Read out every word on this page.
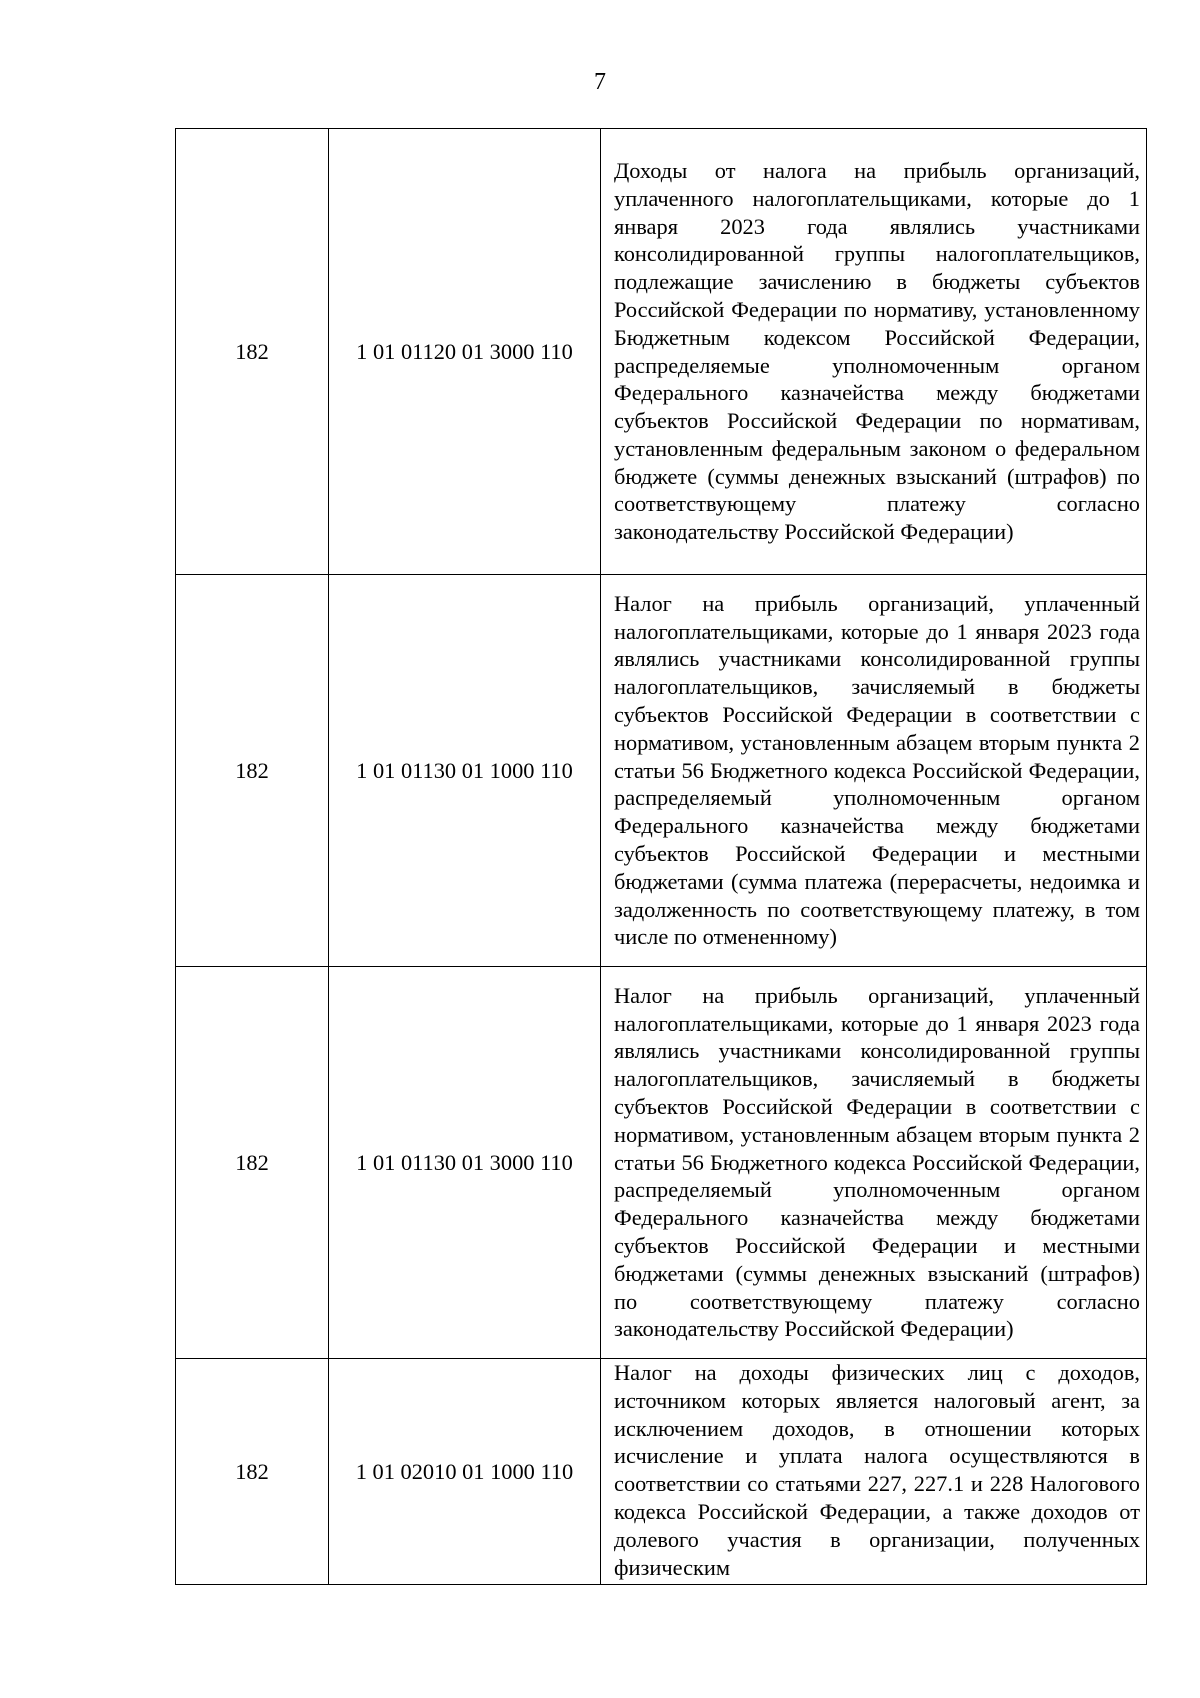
7
182	1 01 01120 01 3000 110	Доходы от налога на прибыль организаций, уплаченного налогоплательщиками, которые до 1 января 2023 года являлись участниками консолидированной группы налогоплательщиков, подлежащие зачислению в бюджеты субъектов Российской Федерации по нормативу, установленному Бюджетным кодексом Российской Федерации, распределяемые уполномоченным органом Федерального казначейства между бюджетами субъектов Российской Федерации по нормативам, установленным федеральным законом о федеральном бюджете (суммы денежных взысканий (штрафов) по соответствующему платежу согласно законодательству Российской Федерации)

182	1 01 01130 01 1000 110	Налог на прибыль организаций, уплаченный налогоплательщиками, которые до 1 января 2023 года являлись участниками консолидированной группы налогоплательщиков, зачисляемый в бюджеты субъектов Российской Федерации в соответствии с нормативом, установленным абзацем вторым пункта 2 статьи 56 Бюджетного кодекса Российской Федерации, распределяемый уполномоченным органом Федерального казначейства между бюджетами субъектов Российской Федерации и местными бюджетами (сумма платежа (перерасчеты, недоимка и задолженность по соответствующему платежу, в том числе по отмененному)

182	1 01 01130 01 3000 110	Налог на прибыль организаций, уплаченный налогоплательщиками, которые до 1 января 2023 года являлись участниками консолидированной группы налогоплательщиков, зачисляемый в бюджеты субъектов Российской Федерации в соответствии с нормативом, установленным абзацем вторым пункта 2 статьи 56 Бюджетного кодекса Российской Федерации, распределяемый уполномоченным органом Федерального казначейства между бюджетами субъектов Российской Федерации и местными бюджетами (суммы денежных взысканий (штрафов) по соответствующему платежу согласно законодательству Российской Федерации)

182	1 01 02010 01 1000 110	Налог на доходы физических лиц с доходов, источником которых является налоговый агент, за исключением доходов, в отношении которых исчисление и уплата налога осуществляются в соответствии со статьями 227, 227.1 и 228 Налогового кодекса Российской Федерации, а также доходов от долевого участия в организации, полученных физическим
